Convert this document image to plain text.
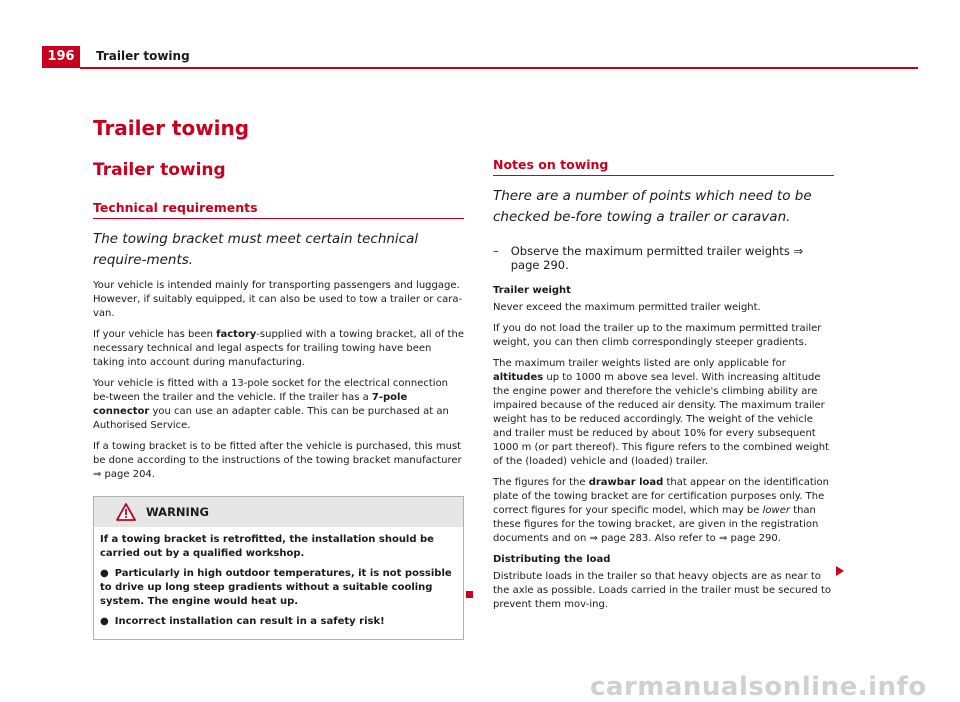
196	Trailer towing
Trailer towing
Trailer towing
Technical requirements
The towing bracket must meet certain technical require-ments.

Your vehicle is intended mainly for transporting passengers and luggage. However, if suitably equipped, it can also be used to tow a trailer or cara-van.

If your vehicle has been factory-supplied with a towing bracket, all of the necessary technical and legal aspects for trailing towing have been taking into account during manufacturing.

Your vehicle is fitted with a 13-pole socket for the electrical connection be-tween the trailer and the vehicle. If the trailer has a 7-pole connector you can use an adapter cable. This can be purchased at an Authorised Service.

If a towing bracket is to be fitted after the vehicle is purchased, this must be done according to the instructions of the towing bracket manufacturer ⇒ page 204.

WARNING

If a towing bracket is retrofitted, the installation should be carried out by a qualified workshop.

● Particularly in high outdoor temperatures, it is not possible to drive up long steep gradients without a suitable cooling system. The engine would heat up.

● Incorrect installation can result in a safety risk!

Notes on towing
There are a number of points which need to be checked be-fore towing a trailer or caravan.
– Observe the maximum permitted trailer weights ⇒ page 290.

Trailer weight

Never exceed the maximum permitted trailer weight.

If you do not load the trailer up to the maximum permitted trailer weight, you can then climb correspondingly steeper gradients.

The maximum trailer weights listed are only applicable for altitudes up to 1000 m above sea level. With increasing altitude the engine power and therefore the vehicle's climbing ability are impaired because of the reduced air density. The maximum trailer weight has to be reduced accordingly. The weight of the vehicle and trailer must be reduced by about 10% for every subsequent 1000 m (or part thereof). This figure refers to the combined weight of the (loaded) vehicle and (loaded) trailer.

The figures for the drawbar load that appear on the identification plate of the towing bracket are for certification purposes only. The correct figures for your specific model, which may be lower than these figures for the towing bracket, are given in the registration documents and on ⇒ page 283. Also refer to ⇒ page 290.

Distributing the load

Distribute loads in the trailer so that heavy objects are as near to the axle as possible. Loads carried in the trailer must be secured to prevent them mov-ing.

carmanualsonline.info
